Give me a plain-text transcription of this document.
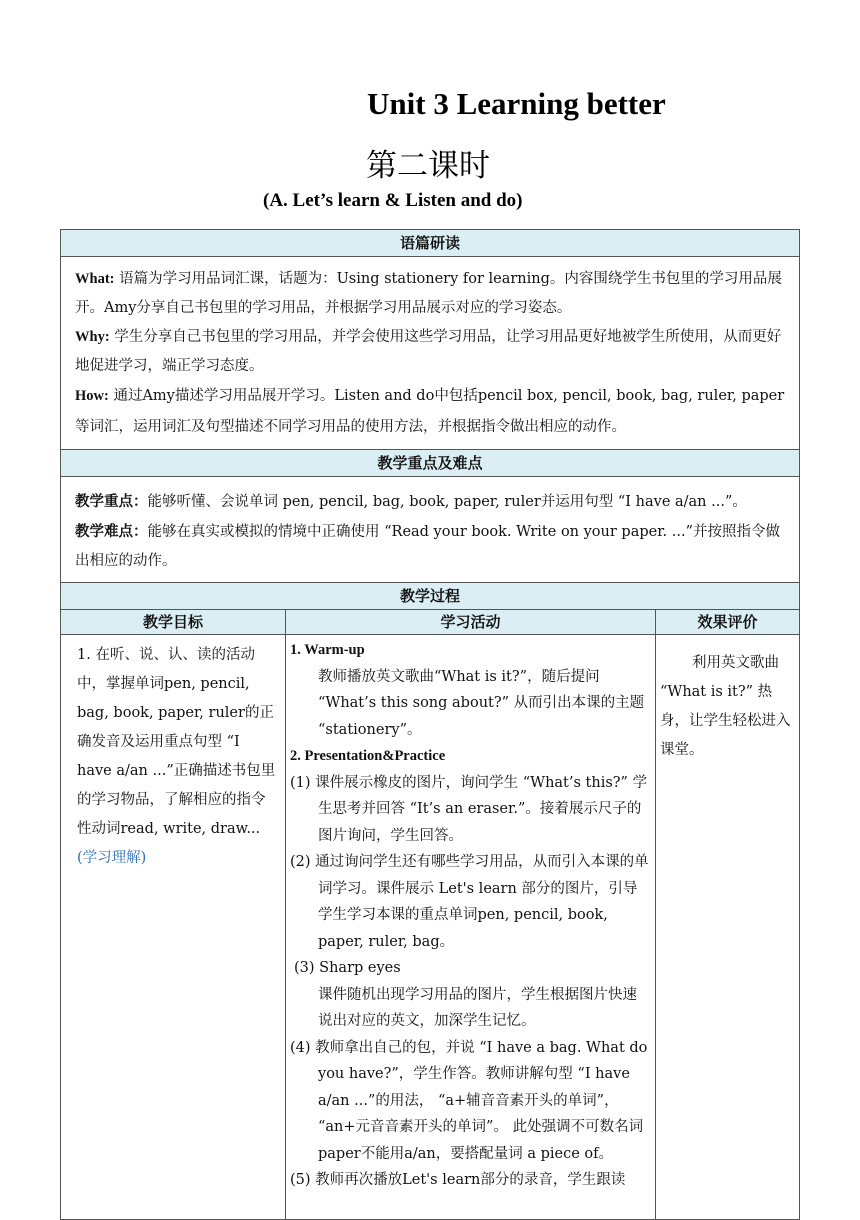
Unit 3 Learning better
第二课时
(A. Let’s learn & Listen and do)
语篇研读
What: 语篇为学习用品词汇课，话题为：Using stationery for learning。内容围绕学生书包里的学习用品展开。Amy分享自己书包里的学习用品，并根据学习用品展示对应的学习姿态。
Why: 学生分享自己书包里的学习用品，并学会使用这些学习用品，让学习用品更好地被学生所使用，从而更好地促进学习，端正学习态度。
How: 通过Amy描述学习用品展开学习。Listen and do中包括pencil box, pencil, book, bag, ruler, paper等词汇，运用词汇及句型描述不同学习用品的使用方法，并根据指令做出相应的动作。
教学重点及难点
教学重点：能够听懂、会说单词 pen, pencil, bag, book, paper, ruler并运用句型 “I have a/an ...”。
教学难点：能够在真实或模拟的情境中正确使用 “Read your book. Write on your paper. ...”并按照指令做出相应的动作。
教学过程
教学目标	学习活动	效果评价
1. 在听、说、认、读的活动中，掌握单词pen, pencil, bag, book, paper, ruler的正确发音及运用重点句型 “I have a/an ...”正确描述书包里的学习物品，了解相应的指令性动词read, write, draw...
(学习理解)
1. Warm-up
教师播放英文歌曲“What is it?”，随后提问 “What’s this song about?” 从而引出本课的主题 “stationery”。
2. Presentation&Practice
(1) 课件展示橡皮的图片，询问学生 “What’s this?” 学生思考并回答 “It’s an eraser.”。接着展示尺子的图片询问，学生回答。
(2) 通过询问学生还有哪些学习用品，从而引入本课的单词学习。课件展示 Let's learn 部分的图片，引导学生学习本课的重点单词pen, pencil, book, paper, ruler, bag。
(3) Sharp eyes
课件随机出现学习用品的图片，学生根据图片快速说出对应的英文，加深学生记忆。
(4) 教师拿出自己的包，并说 “I have a bag. What do you have?”，学生作答。教师讲解句型 “I have a/an ...”的用法， “a+辅音音素开头的单词”， “an+元音音素开头的单词”。 此处强调不可数名词paper不能用a/an，要搭配量词 a piece of。
(5) 教师再次播放Let's learn部分的录音，学生跟读
利用英文歌曲 “What is it?” 热身，让学生轻松进入课堂。
